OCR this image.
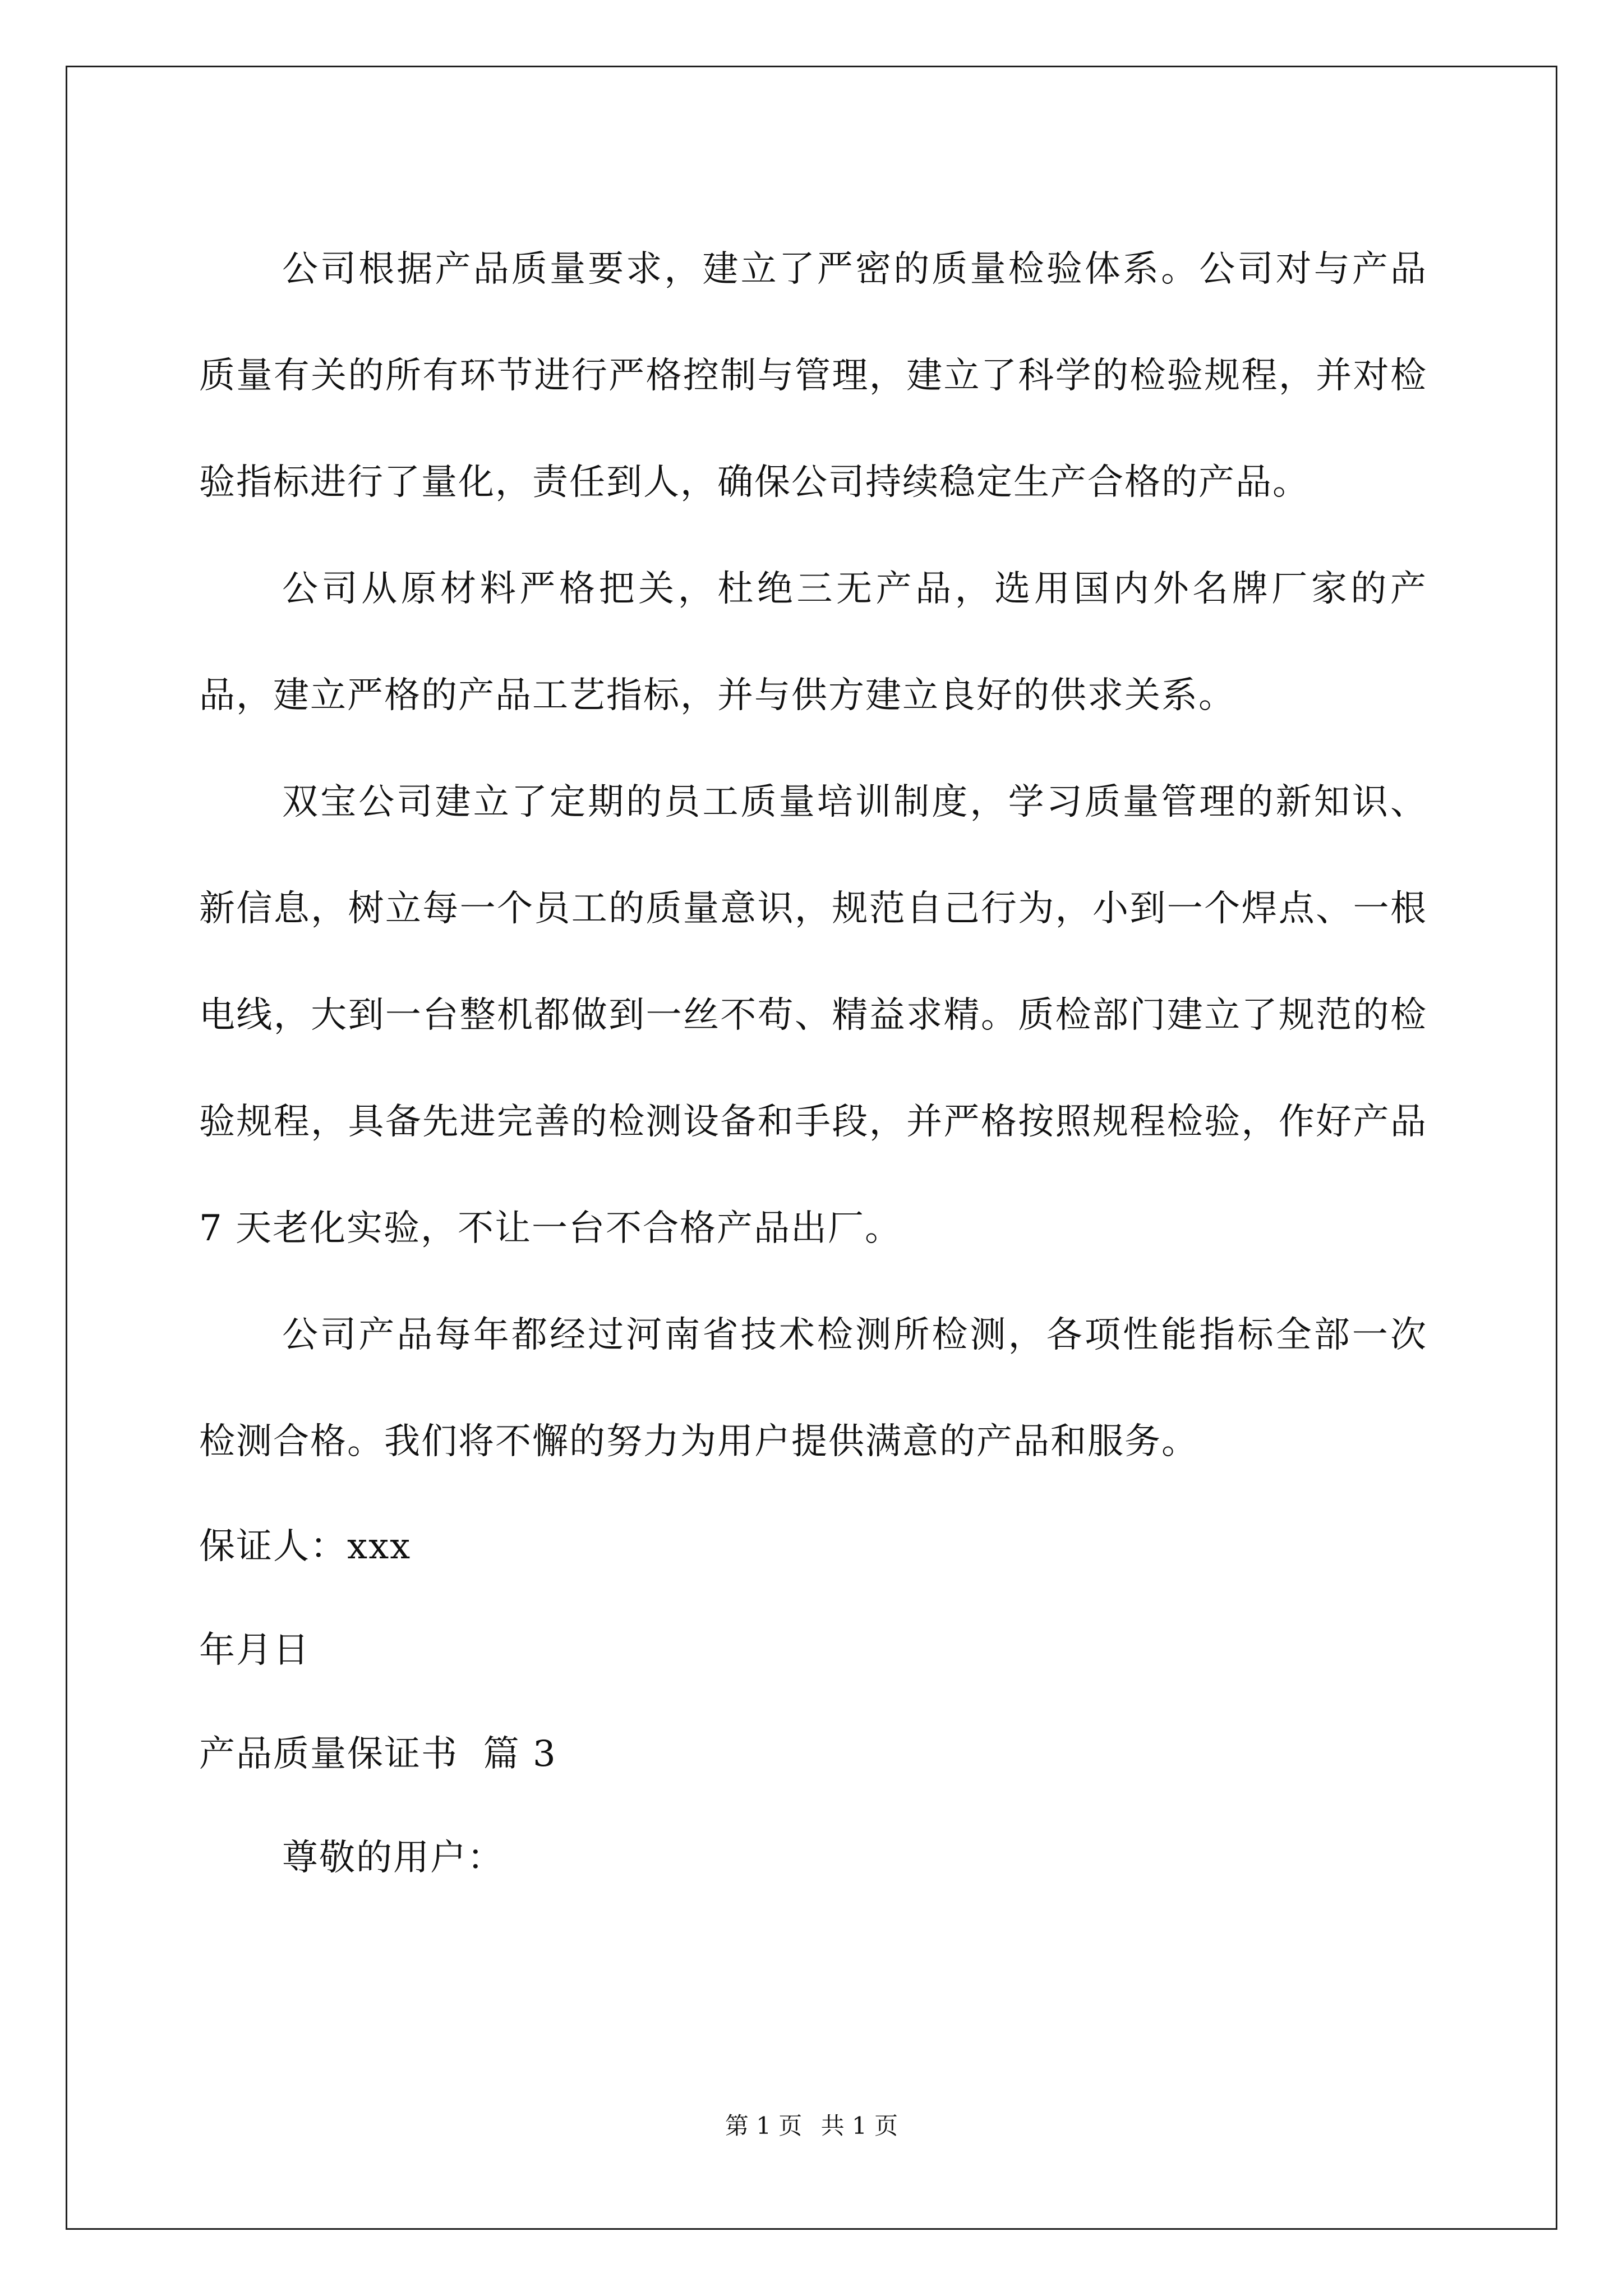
公司根据产品质量要求，建立了严密的质量检验体系。公司对与产品质量有关的所有环节进行严格控制与管理，建立了科学的检验规程，并对检验指标进行了量化，责任到人，确保公司持续稳定生产合格的产品。

公司从原材料严格把关，杜绝三无产品，选用国内外名牌厂家的产品，建立严格的产品工艺指标，并与供方建立良好的供求关系。

双宝公司建立了定期的员工质量培训制度，学习质量管理的新知识、新信息，树立每一个员工的质量意识，规范自己行为，小到一个焊点、一根电线，大到一台整机都做到一丝不苟、精益求精。质检部门建立了规范的检验规程，具备先进完善的检测设备和手段，并严格按照规程检验，作好产品 7 天老化实验，不让一台不合格产品出厂。

公司产品每年都经过河南省技术检测所检测，各项性能指标全部一次检测合格。我们将不懈的努力为用户提供满意的产品和服务。

保证人：xxx

年月日

产品质量保证书  篇 3

尊敬的用户：

第 1 页 共 1 页
